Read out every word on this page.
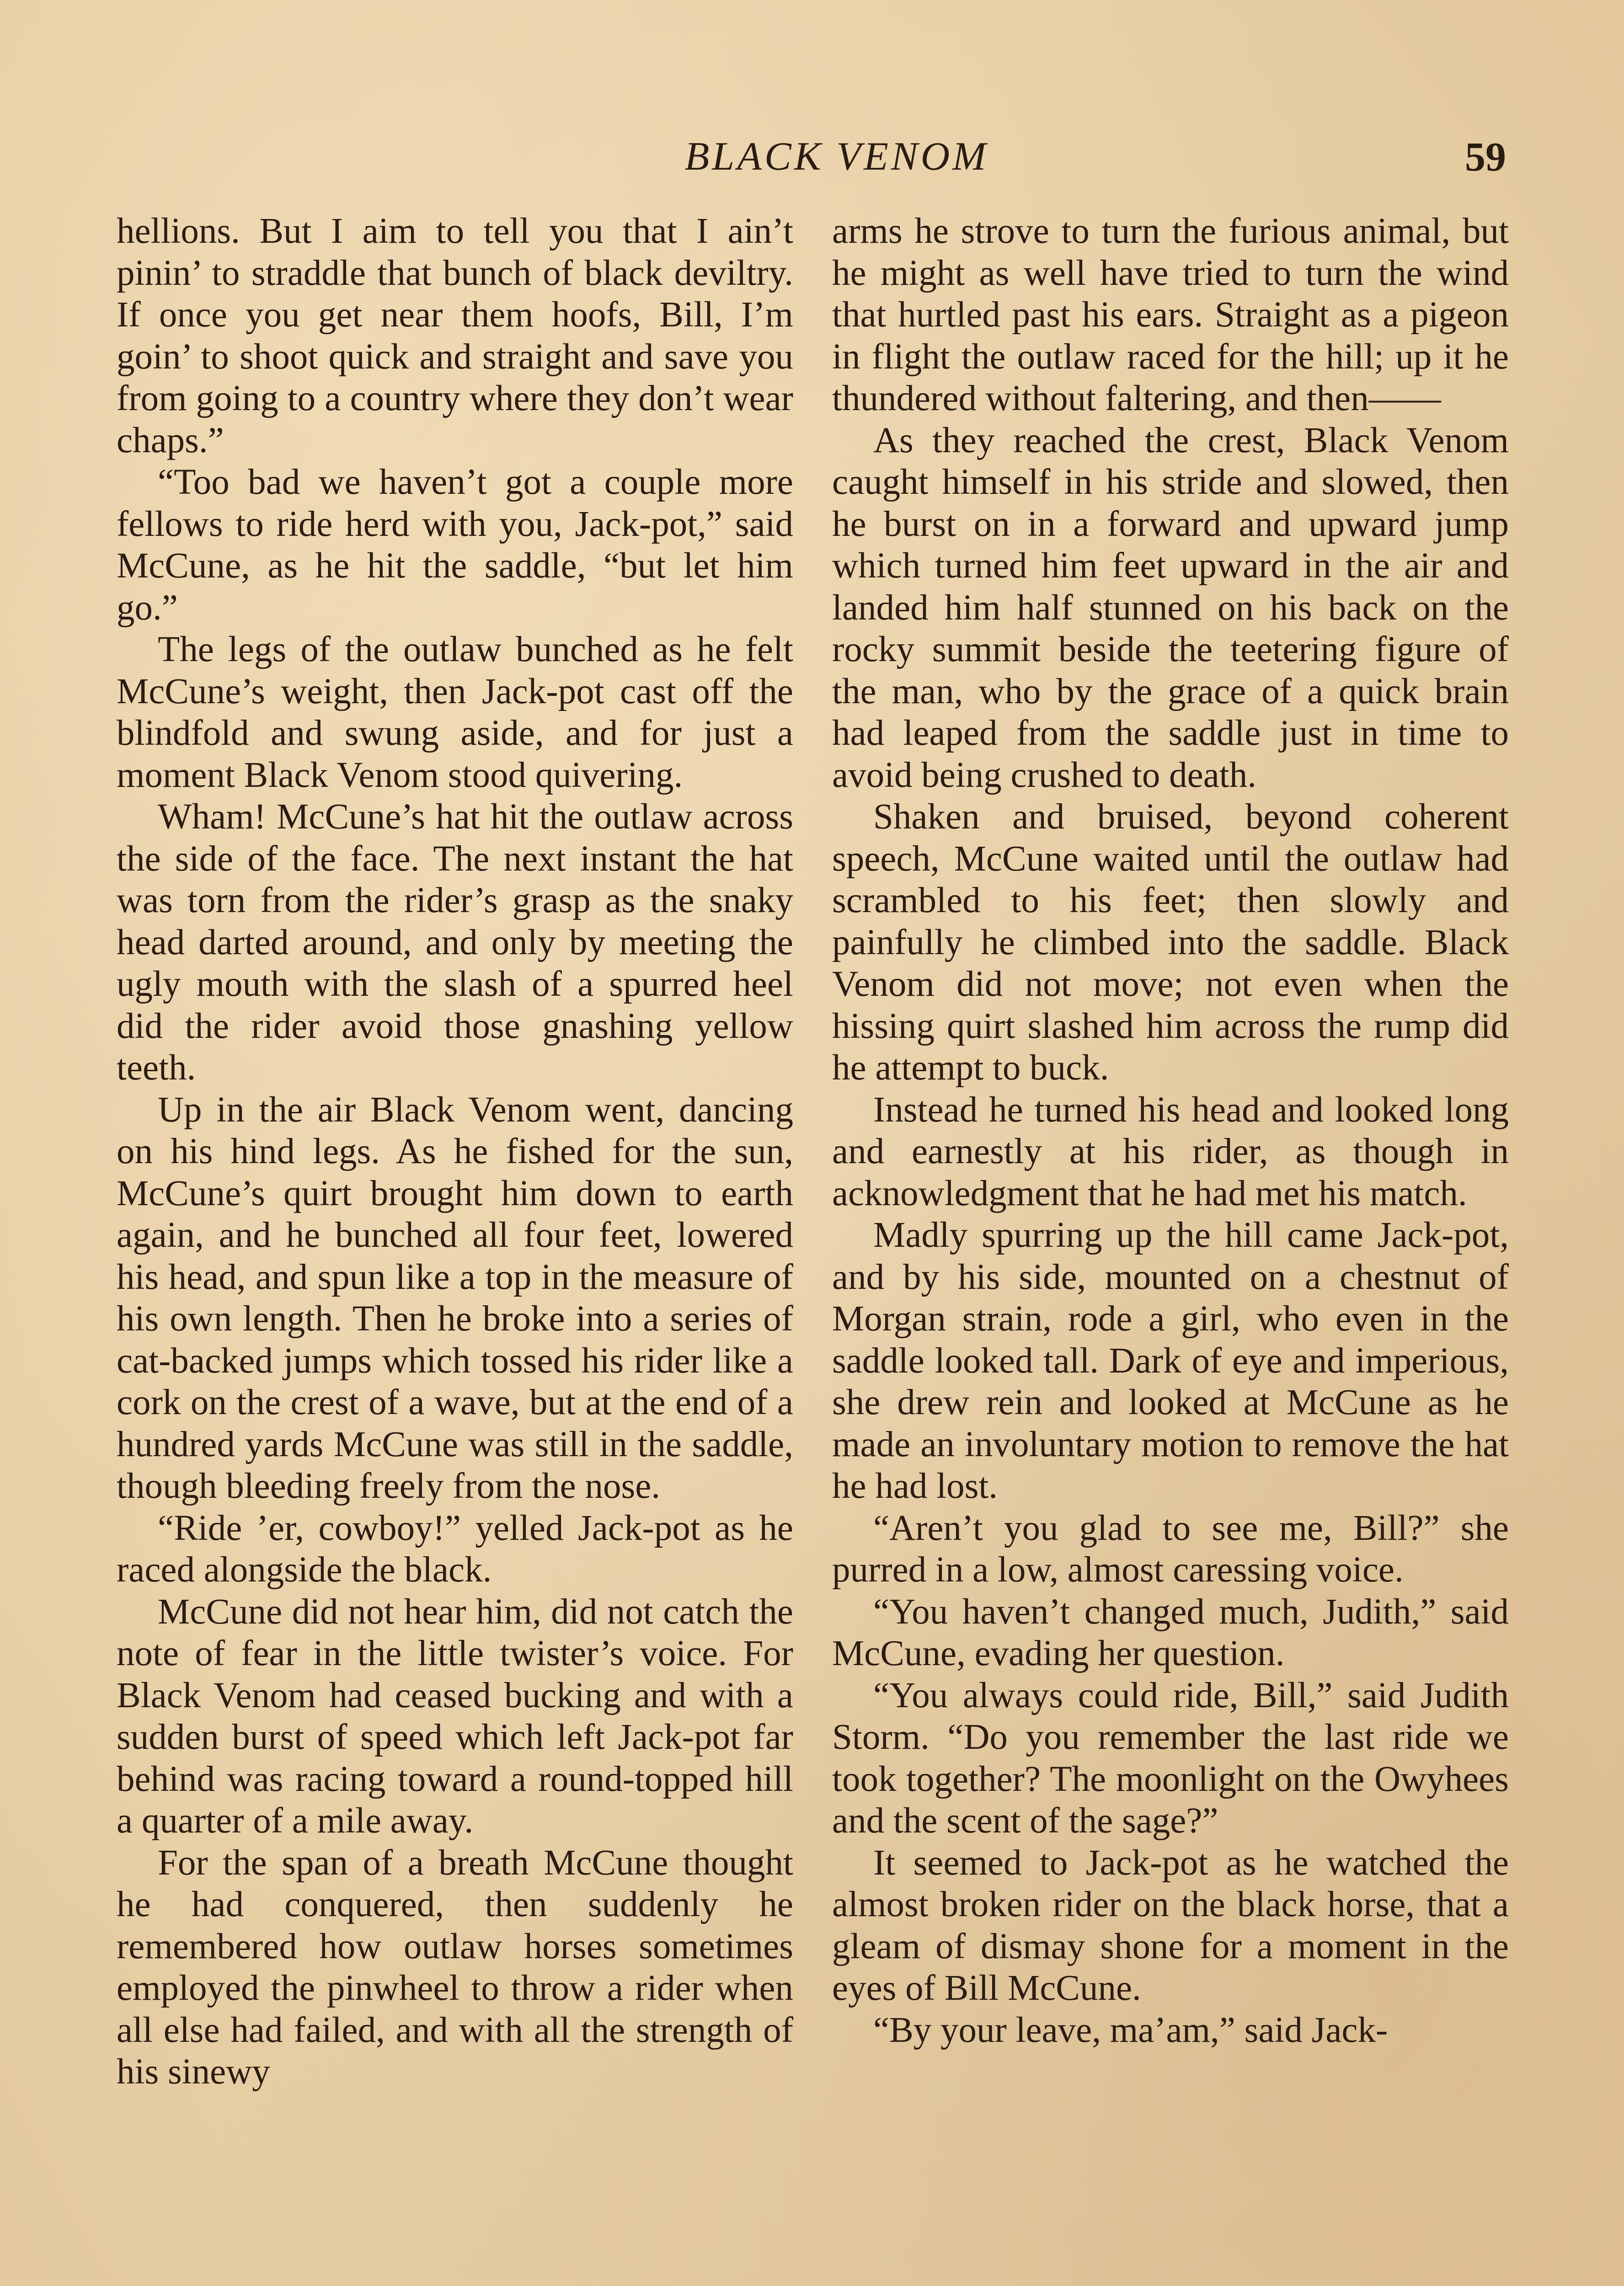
BLACK VENOM	59

hellions. But I aim to tell you that I ain’t pinin’ to straddle that bunch of black deviltry. If once you get near them hoofs, Bill, I’m goin’ to shoot quick and straight and save you from going to a country where they don’t wear chaps.”

“Too bad we haven’t got a couple more fellows to ride herd with you, Jack-pot,” said McCune, as he hit the saddle, “but let him go.”

The legs of the outlaw bunched as he felt McCune’s weight, then Jack-pot cast off the blindfold and swung aside, and for just a moment Black Venom stood quivering.

Wham! McCune’s hat hit the outlaw across the side of the face. The next instant the hat was torn from the rider’s grasp as the snaky head darted around, and only by meeting the ugly mouth with the slash of a spurred heel did the rider avoid those gnashing yellow teeth.

Up in the air Black Venom went, dancing on his hind legs. As he fished for the sun, McCune’s quirt brought him down to earth again, and he bunched all four feet, lowered his head, and spun like a top in the measure of his own length. Then he broke into a series of cat-backed jumps which tossed his rider like a cork on the crest of a wave, but at the end of a hundred yards McCune was still in the saddle, though bleeding freely from the nose.

“Ride ’er, cowboy!” yelled Jack-pot as he raced alongside the black.

McCune did not hear him, did not catch the note of fear in the little twister’s voice. For Black Venom had ceased bucking and with a sudden burst of speed which left Jack-pot far behind was racing toward a round-topped hill a quarter of a mile away.

For the span of a breath McCune thought he had conquered, then suddenly he remembered how outlaw horses sometimes employed the pinwheel to throw a rider when all else had failed, and with all the strength of his sinewy

arms he strove to turn the furious animal, but he might as well have tried to turn the wind that hurtled past his ears. Straight as a pigeon in flight the outlaw raced for the hill; up it he thundered without faltering, and then——

As they reached the crest, Black Venom caught himself in his stride and slowed, then he burst on in a forward and upward jump which turned him feet upward in the air and landed him half stunned on his back on the rocky summit beside the teetering figure of the man, who by the grace of a quick brain had leaped from the saddle just in time to avoid being crushed to death.

Shaken and bruised, beyond coherent speech, McCune waited until the outlaw had scrambled to his feet; then slowly and painfully he climbed into the saddle. Black Venom did not move; not even when the hissing quirt slashed him across the rump did he attempt to buck.

Instead he turned his head and looked long and earnestly at his rider, as though in acknowledgment that he had met his match.

Madly spurring up the hill came Jack-pot, and by his side, mounted on a chestnut of Morgan strain, rode a girl, who even in the saddle looked tall. Dark of eye and imperious, she drew rein and looked at McCune as he made an involuntary motion to remove the hat he had lost.

“Aren’t you glad to see me, Bill?” she purred in a low, almost caressing voice.

“You haven’t changed much, Judith,” said McCune, evading her question.

“You always could ride, Bill,” said Judith Storm. “Do you remember the last ride we took together? The moonlight on the Owyhees and the scent of the sage?”

It seemed to Jack-pot as he watched the almost broken rider on the black horse, that a gleam of dismay shone for a moment in the eyes of Bill McCune.

“By your leave, ma’am,” said Jack-
